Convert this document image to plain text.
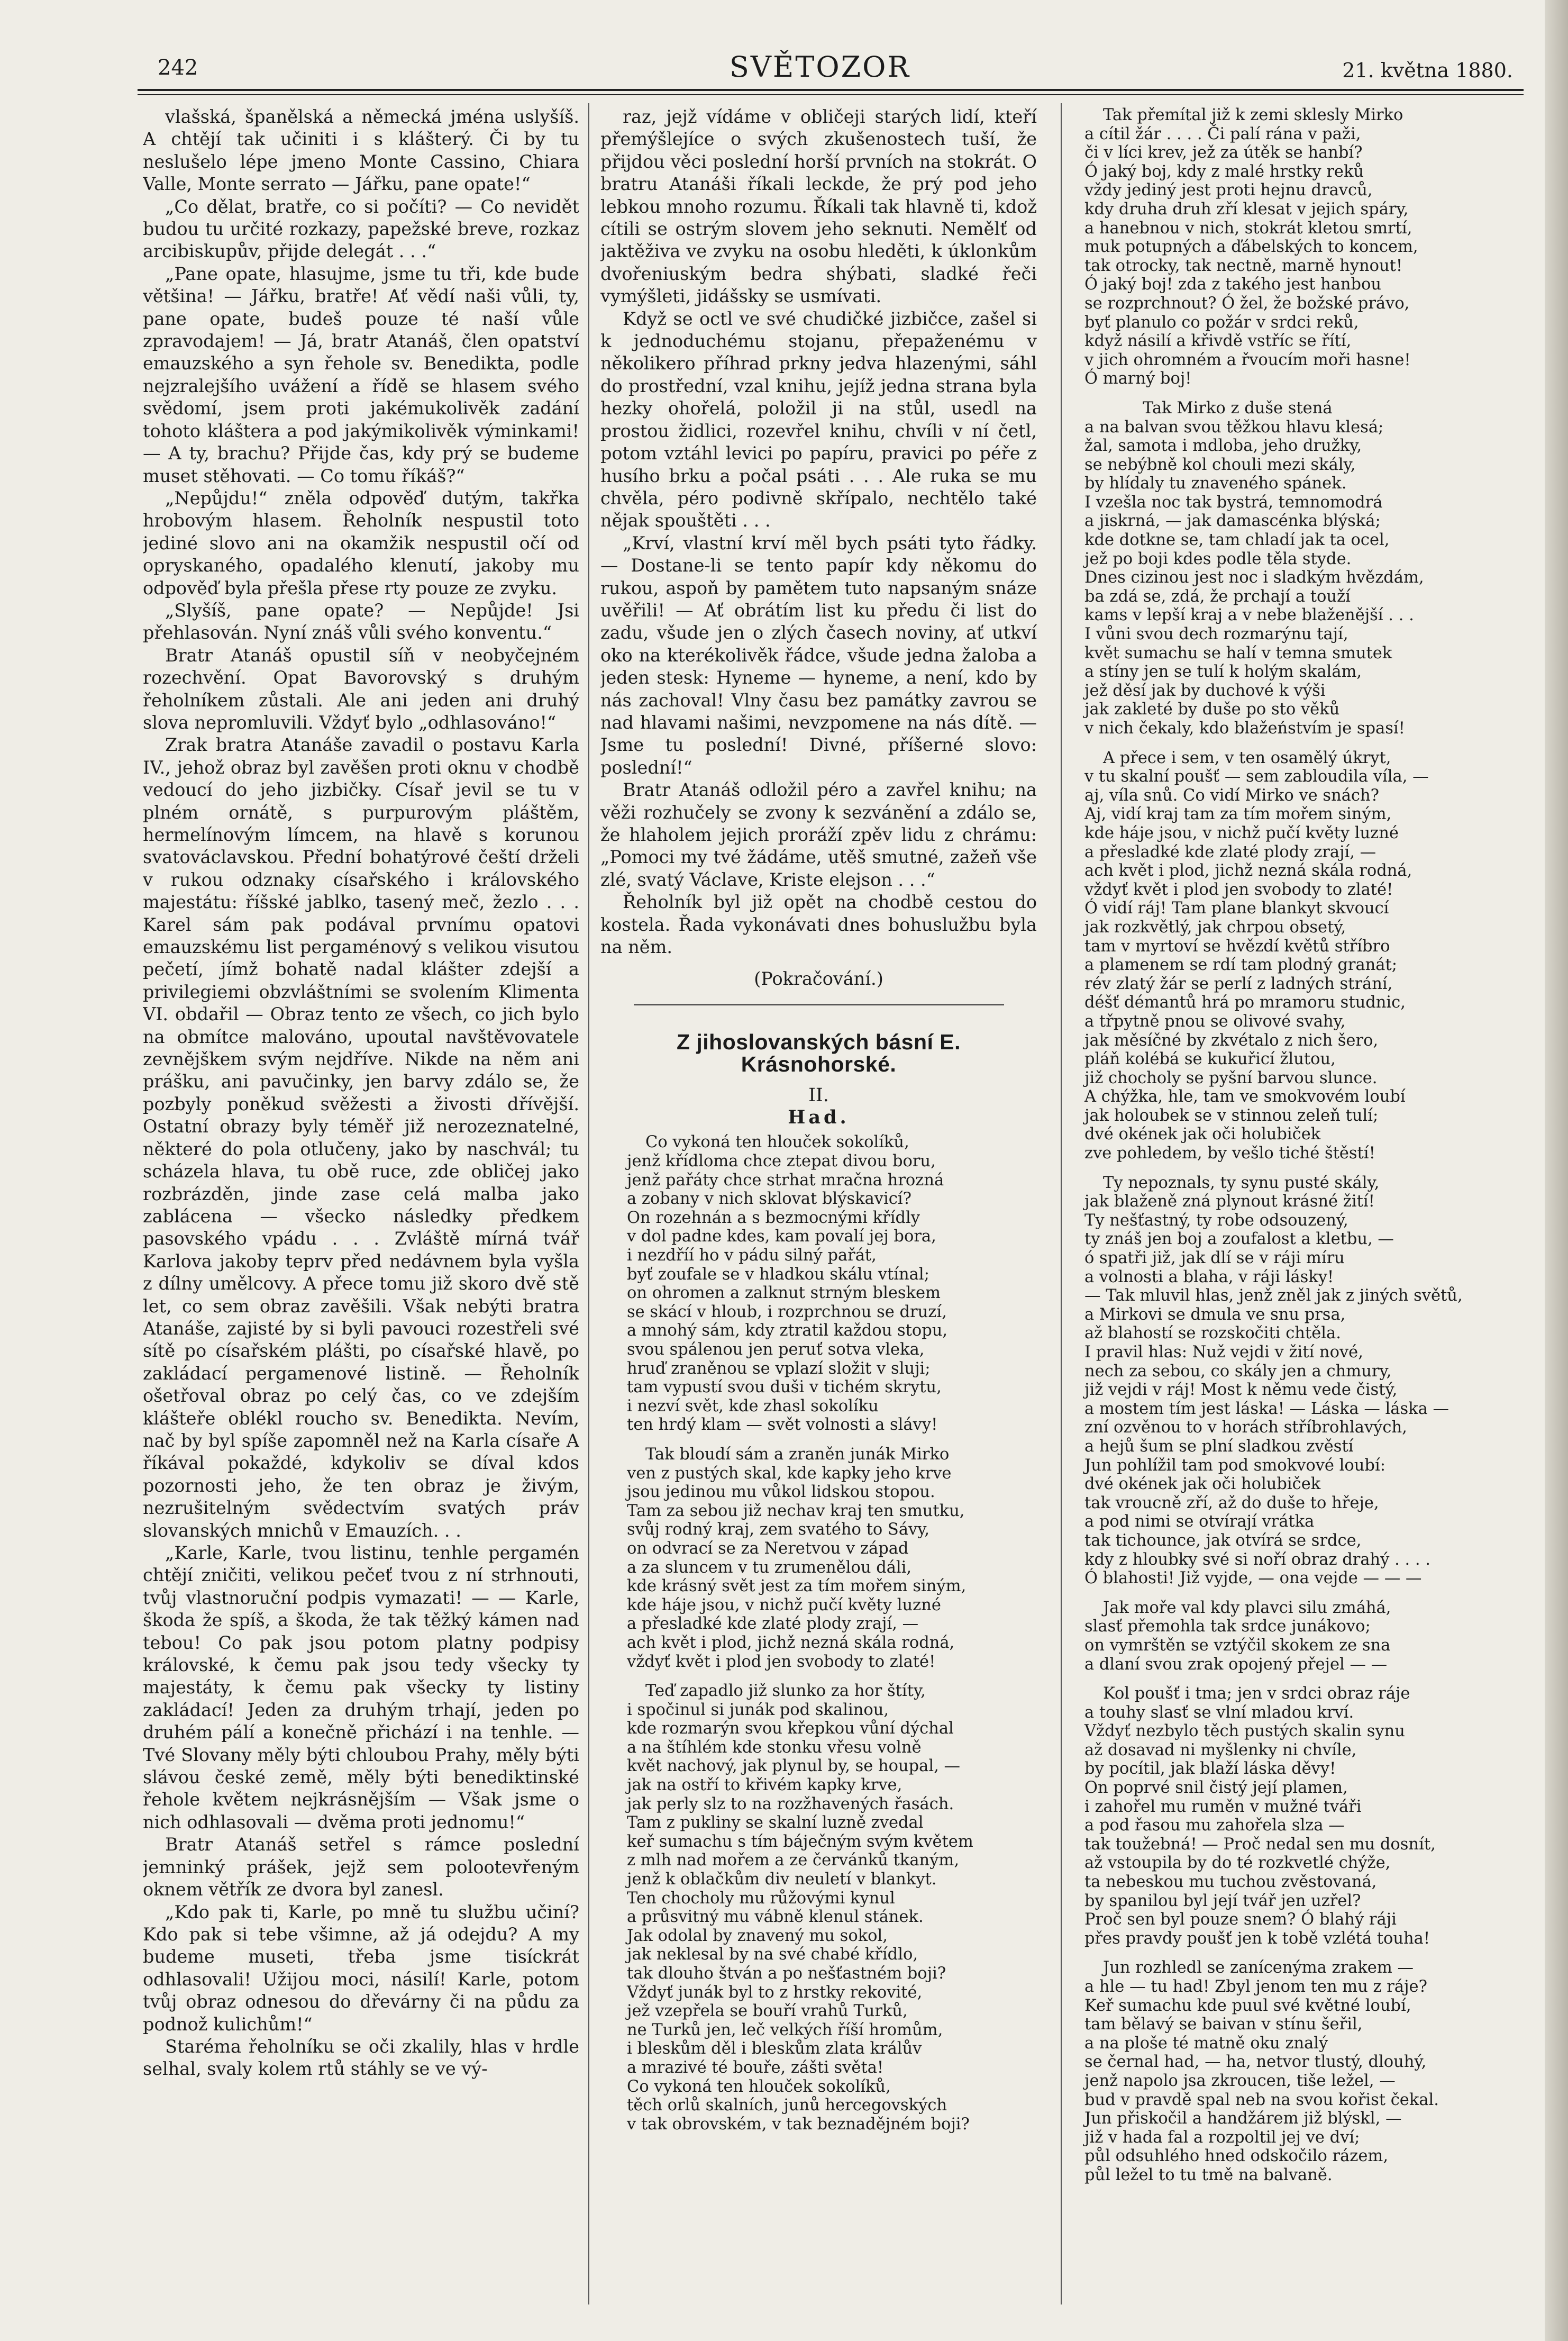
242	SVĚTOZOR	21. května 1880.

vlašská, španělská a německá jména uslyšíš. A chtějí tak učiniti i s klášterý. Či by tu neslušelo lépe jmeno Monte Cassino, Chiara Valle, Monte serrato — Jářku, pane opate!“

„Co dělat, bratře, co si počíti? — Co nevidět budou tu určité rozkazy, papežské breve, rozkaz arcibiskupův, přijde delegát . . .“

„Pane opate, hlasujme, jsme tu tři, kde bude většina! — Jářku, bratře! Ať vědí naši vůli, ty, pane opate, budeš pouze té naší vůle zpravodajem! — Já, bratr Atanáš, člen opatství emauzského a syn řehole sv. Benedikta, podle nejzralejšího uvážení a řídě se hlasem svého svědomí, jsem proti jakémukolivěk zadání tohoto kláštera a pod jakýmikolivěk výminkami! — A ty, brachu? Přijde čas, kdy prý se budeme muset stěhovati. — Co tomu říkáš?“

„Nepůjdu!“ zněla odpověď dutým, takřka hrobovým hlasem. Řeholník nespustil toto jediné slovo ani na okamžik nespustil očí od opryskaného, opadalého klenutí, jakoby mu odpověď byla přešla přese rty pouze ze zvyku.

„Slyšíš, pane opate? — Nepůjde! Jsi přehlasován. Nyní znáš vůli svého konventu.“

Bratr Atanáš opustil síň v neobyčejném rozechvění. Opat Bavorovský s druhým řeholníkem zůstali. Ale ani jeden ani druhý slova nepromluvili. Vždyť bylo „odhlasováno!“

Zrak bratra Atanáše zavadil o postavu Karla IV., jehož obraz byl zavěšen proti oknu v chodbě vedoucí do jeho jizbičky. Císař jevil se tu v plném ornátě, s purpurovým pláštěm, hermelínovým límcem, na hlavě s korunou svatováclavskou. Přední bohatýrové čeští drželi v rukou odznaky císařského i královského majestátu: říšské jablko, tasený meč, žezlo . . . Karel sám pak podával prvnímu opatovi emauzskému list pergaménový s velikou visutou pečetí, jímž bohatě nadal klášter zdejší a privilegiemi obzvláštními se svolením Klimenta VI. obdařil — Obraz tento ze všech, co jich bylo na obmítce malováno, upoutal navštěvovatele zevnějškem svým nejdříve. Nikde na něm ani prášku, ani pavučinky, jen barvy zdálo se, že pozbyly poněkud svěžesti a živosti dřívější. Ostatní obrazy byly téměř již nerozeznatelné, některé do pola otlučeny, jako by naschvál; tu scházela hlava, tu obě ruce, zde obličej jako rozbrázděn, jinde zase celá malba jako zablácena — všecko následky předkem pasovského vpádu . . . Zvláště mírná tvář Karlova jakoby teprv před nedávnem byla vyšla z dílny umělcovy. A přece tomu již skoro dvě stě let, co sem obraz zavěšili. Však nebýti bratra Atanáše, zajisté by si byli pavouci rozestřeli své sítě po císařském plášti, po císařské hlavě, po zakládací pergamenové listině. — Řeholník ošetřoval obraz po celý čas, co ve zdejším klášteře oblékl roucho sv. Benedikta. Nevím, nač by byl spíše zapomněl než na Karla císaře A říkával pokaždé, kdykoliv se díval kdos pozornosti jeho, že ten obraz je živým, nezrušitelným svědectvím svatých práv slovanských mnichů v Emauzích. . .

„Karle, Karle, tvou listinu, tenhle pergamén chtějí zničiti, velikou pečeť tvou z ní strhnouti, tvůj vlastnoruční podpis vymazati! — — Karle, škoda že spíš, a škoda, že tak těžký kámen nad tebou! Co pak jsou potom platny podpisy královské, k čemu pak jsou tedy všecky ty majestáty, k čemu pak všecky ty listiny zakládací! Jeden za druhým trhají, jeden po druhém pálí a konečně přichází i na tenhle. — Tvé Slovany měly býti chloubou Prahy, měly býti slávou české země, měly býti benediktinské řehole květem nejkrásnějším — Však jsme o nich odhlasovali — dvěma proti jednomu!“

Bratr Atanáš setřel s rámce poslední jemninký prášek, jejž sem polootevřeným oknem větřík ze dvora byl zanesl.

„Kdo pak ti, Karle, po mně tu službu učiní? Kdo pak si tebe všimne, až já odejdu? A my budeme museti, třeba jsme tisíckrát odhlasovali! Užijou moci, násilí! Karle, potom tvůj obraz odnesou do dřevárny či na půdu za podnož kulichům!“

Staréma řeholníku se oči zkalily, hlas v hrdle selhal, svaly kolem rtů stáhly se ve vý-

raz, jejž vídáme v obličeji starých lidí, kteří přemýšlejíce o svých zkušenostech tuší, že přijdou věci poslední horší prvních na stokrát. O bratru Atanáši říkali leckde, že prý pod jeho lebkou mnoho rozumu. Říkali tak hlavně ti, kdož cítili se ostrým slovem jeho seknuti. Nemělť od jaktěživa ve zvyku na osobu hleděti, k úklonkům dvořeniuským bedra shýbati, sladké řeči vymýšleti, jidášsky se usmívati.

Když se octl ve své chudičké jizbičce, zašel si k jednoduchému stojanu, přepaženému v několikero příhrad prkny jedva hlazenými, sáhl do prostřední, vzal knihu, jejíž jedna strana byla hezky ohořelá, položil ji na stůl, usedl na prostou židlici, rozevřel knihu, chvíli v ní četl, potom vztáhl levici po papíru, pravici po péře z husího brku a počal psáti . . . Ale ruka se mu chvěla, péro podivně skřípalo, nechtělo také nějak spouštěti . . .

„Krví, vlastní krví měl bych psáti tyto řádky. — Dostane-li se tento papír kdy někomu do rukou, aspoň by pamětem tuto napsaným snáze uvěřili! — Ať obrátím list ku předu či list do zadu, všude jen o zlých časech noviny, ať utkví oko na kterékolivěk řádce, všude jedna žaloba a jeden stesk: Hyneme — hyneme, a není, kdo by nás zachoval! Vlny času bez památky zavrou se nad hlavami našimi, nevzpomene na nás dítě. — Jsme tu poslední! Divné, příšerné slovo: poslední!“

Bratr Atanáš odložil péro a zavřel knihu; na věži rozhučely se zvony k sezvánění a zdálo se, že hlaholem jejich proráží zpěv lidu z chrámu: „Pomoci my tvé žádáme, utěš smutné, zažeň vše zlé, svatý Václave, Kriste elejson . . .“

Řeholník byl již opět na chodbě cestou do kostela. Řada vykonávati dnes bohuslužbu byla na něm.

(Pokračování.)

Z jihoslovanských básní E. Krásnohorské.
II.
Had.
Co vykoná ten hlouček sokolíků,
jenž křídloma chce ztepat divou boru,
jenž pařáty chce strhat mračna hrozná
a zobany v nich sklovat blýskavicí?
On rozehnán a s bezmocnými křídly
v dol padne kdes, kam povalí jej bora,
i nezdříí ho v pádu silný pařát,
byť zoufale se v hladkou skálu vtínal;
on ohromen a zalknut strným bleskem
se skácí v hloub, i rozprchnou se druzí,
a mnohý sám, kdy ztratil každou stopu,
svou spálenou jen peruť sotva vleka,
hruď zraněnou se vplazí složit v sluji;
tam vypustí svou duši v tichém skrytu,
i nezví svět, kde zhasl sokolíku
ten hrdý klam — svět volnosti a slávy!
Tak bloudí sám a zraněn junák Mirko
ven z pustých skal, kde kapky jeho krve
jsou jedinou mu vůkol lidskou stopou.
Tam za sebou již nechav kraj ten smutku,
svůj rodný kraj, zem svatého to Sávy,
on odvrací se za Neretvou v západ
a za sluncem v tu zrumenělou dáli,
kde krásný svět jest za tím mořem siným,
kde háje jsou, v nichž pučí květy luzné
a přesladké kde zlaté plody zrají, —
ach květ i plod, jichž nezná skála rodná,
vždyť květ i plod jen svobody to zlaté!
Teď zapadlo již slunko za hor štíty,
i spočinul si junák pod skalinou,
kde rozmarýn svou křepkou vůní dýchal
a na štíhlém kde stonku vřesu volně
květ nachový, jak plynul by, se houpal, —
jak na ostří to křivém kapky krve,
jak perly slz to na rozžhavených řasách.
Tam z pukliny se skalní luzně zvedal
keř sumachu s tím báječným svým květem
z mlh nad mořem a ze červánků tkaným,
jenž k oblačkům div neuletí v blankyt.
Ten chocholy mu růžovými kynul
a průsvitný mu vábně klenul stánek.
Jak odolal by znavený mu sokol,
jak neklesal by na své chabé křídlo,
tak dlouho štván a po nešťastném boji?
Vždyť junák byl to z hrstky rekovité,
jež vzepřela se bouří vrahů Turků,
ne Turků jen, leč velkých říší hromům,
i bleskům děl i bleskům zlata králův
a mrazivé té bouře, zášti světa!
Co vykoná ten hlouček sokolíků,
těch orlů skalních, junů hercegovských
v tak obrovském, v tak beznadějném boji?
Tak přemítal již k zemi sklesly Mirko
a cítil žár . . . . Či palí rána v paži,
či v líci krev, jež za útěk se hanbí?
Ó jaký boj, kdy z malé hrstky reků
vždy jediný jest proti hejnu dravců,
kdy druha druh zří klesat v jejich spáry,
a hanebnou v nich, stokrát kletou smrtí,
muk potupných a ďábelských to koncem,
tak otrocky, tak nectně, marně hynout!
Ó jaký boj! zda z takého jest hanbou
se rozprchnout? Ó žel, že božské právo,
byť planulo co požár v srdci reků,
když násilí a křivdě vstříc se řítí,
v jich ohromném a řvoucím moři hasne!
Ó marný boj!
Tak Mirko z duše stená
a na balvan svou těžkou hlavu klesá;
žal, samota i mdloba, jeho družky,
se nebýbně kol chouli mezi skály,
by hlídaly tu znaveného spánek.
I vzešla noc tak bystrá, temnomodrá
a jiskrná, — jak damascénka blýská;
kde dotkne se, tam chladí jak ta ocel,
jež po boji kdes podle těla styde.
Dnes cizinou jest noc i sladkým hvězdám,
ba zdá se, zdá, že prchají a touží
kams v lepší kraj a v nebe blaženější . . .
I vůni svou dech rozmarýnu tají,
květ sumachu se halí v temna smutek
a stíny jen se tulí k holým skalám,
jež děsí jak by duchové k výši
jak zakleté by duše po sto věků
v nich čekaly, kdo blažeństvím je spasí!
A přece i sem, v ten osamělý úkryt,
v tu skalní poušť — sem zabloudila víla, —
aj, víla snů. Co vidí Mirko ve snách?
Aj, vidí kraj tam za tím mořem siným,
kde háje jsou, v nichž pučí květy luzné
a přesladké kde zlaté plody zrají, —
ach květ i plod, jichž nezná skála rodná,
vždyť květ i plod jen svobody to zlaté!
Ó vidí ráj! Tam plane blankyt skvoucí
jak rozkvětlý, jak chrpou obsetý,
tam v myrtoví se hvězdí květů stříbro
a plamenem se rdí tam plodný granát;
rév zlatý žár se perlí z ladných strání,
déšť démantů hrá po mramoru studnic,
a třpytně pnou se olivové svahy,
jak měsíčné by zkvétalo z nich šero,
pláň kolébá se kukuřicí žlutou,
již chocholy se pyšní barvou slunce.
A chýžka, hle, tam ve smokvovém loubí
jak holoubek se v stinnou zeleň tulí;
dvé okének jak oči holubiček
zve pohledem, by vešlo tiché štěstí!
Ty nepoznals, ty synu pusté skály,
jak blaženě zná plynout krásné žití!
Ty nešťastný, ty robe odsouzený,
ty znáš jen boj a zoufalost a kletbu, —
ó spatři již, jak dlí se v ráji míru
a volnosti a blaha, v ráji lásky!
— Tak mluvil hlas, jenž zněl jak z jiných světů,
a Mirkovi se dmula ve snu prsa,
až blahostí se rozskočiti chtěla.
I pravil hlas: Nuž vejdi v žití nové,
nech za sebou, co skály jen a chmury,
již vejdi v ráj! Most k němu vede čistý,
a mostem tím jest láska! — Láska — láska —
zní ozvěnou to v horách stříbrohlavých,
a hejů šum se plní sladkou zvěstí
Jun pohlížil tam pod smokvové loubí:
dvé okének jak oči holubiček
tak vroucně zří, až do duše to hřeje,
a pod nimi se otvírají vrátka
tak tichounce, jak otvírá se srdce,
kdy z hloubky své si noří obraz drahý . . . .
Ó blahosti! Již vyjde, — ona vejde — — —
Jak moře val kdy plavci silu zmáhá,
slasť přemohla tak srdce junákovo;
on vymrštěn se vztýčil skokem ze sna
a dlaní svou zrak opojený přejel — —
Kol poušť i tma; jen v srdci obraz ráje
a touhy slasť se vlní mladou krví.
Vždyť nezbylo těch pustých skalin synu
až dosavad ni myšlenky ni chvíle,
by pocítil, jak blaží láska děvy!
On poprvé snil čistý její plamen,
i zahořel mu ruměn v mužné tváři
a pod řasou mu zahořela slza —
tak toužebná! — Proč nedal sen mu dosnít,
až vstoupila by do té rozkvetlé chýže,
ta nebeskou mu tuchou zvěstovaná,
by spanilou byl její tvář jen uzřel?
Proč sen byl pouze snem? Ó blahý ráji
přes pravdy poušť jen k tobě vzlétá touha!
Jun rozhledl se zanícenýma zrakem —
a hle — tu had! Zbyl jenom ten mu z ráje?
Keř sumachu kde puul své květné loubí,
tam bělavý se baivan v stínu šeřil,
a na ploše té matně oku znalý
se černal had, — ha, netvor tlustý, dlouhý,
jenž napolo jsa zkroucen, tiše ležel, —
bud v pravdě spal neb na svou kořist čekal.
Jun přiskočil a handžárem již blýskl, —
již v hada fal a rozpoltil jej ve dví;
půl odsuhlého hned odskočilo rázem,
půl ležel to tu tmě na balvaně.
